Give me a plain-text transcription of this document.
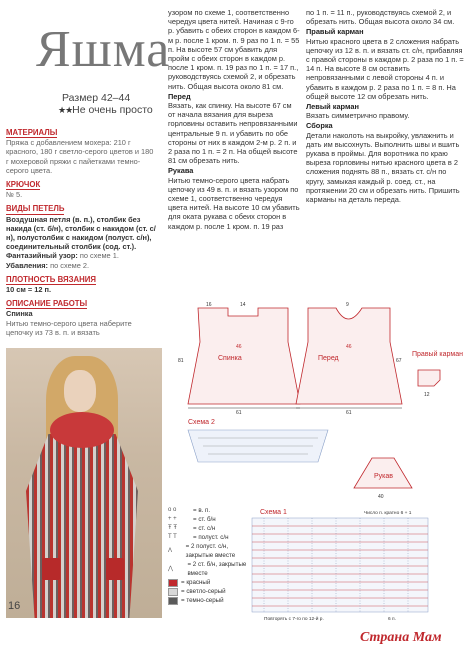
Яшма
Размер 42–44
★★Не очень просто
МАТЕРИАЛЫ
Пряжа с добавлением мохера: 210 г красного, 180 г светло-серого цветов и 180 г мохеровой пряжи с пайетками темно-серого цвета.
КРЮЧОК
№ 5.
ВИДЫ ПЕТЕЛЬ
Воздушная петля (в. п.), столбик без накида (ст. б/н), столбик с накидом (ст. с/н), полустолбик с накидом (полуст. с/н), соединительный столбик (сод. ст.).
Фантазийный узор: по схеме 1.
Убавления: по схеме 2.
ПЛОТНОСТЬ ВЯЗАНИЯ
10 см = 12 п.
ОПИСАНИЕ РАБОТЫ
Спинка
Нитью темно-серого цвета наберите цепочку из 73 в. п. и вязать
16
узором по схеме 1, соответственно чередуя цвета нитей. Начиная с 9-го р. убавить с обеих сторон в каждом 6-м р. после 1 кром. п. 9 раз по 1 п. = 55 п. На высоте 57 см убавить для пройм с обеих сторон в каждом р. после 1 кром. п. 19 раз по 1 п. = 17 п., руководствуясь схемой 2, и обрезать нить. Общая высота около 81 см.
Перед
Вязать, как спинку. На высоте 67 см от начала вязания для выреза горловины оставить непровязанными центральные 9 п. и убавить по обе стороны от них в каждом 2-м р. 2 п. и 2 раза по 1 п. = 2 п. На общей высоте 81 см обрезать нить.
Рукава
Нитью темно-серого цвета набрать цепочку из 49 в. п. и вязать узором по схеме 1, соответственно чередуя цвета нитей. На высоте 10 см убавить для оката рукава с обеих сторон в каждом р. после 1 кром. п. 19 раз
по 1 п. = 11 п., руководствуясь схемой 2, и обрезать нить. Общая высота около 34 см.
Правый карман
Нитью красного цвета в 2 сложения набрать цепочку из 12 в. п. и вязать ст. с/н, прибавляя с правой стороны в каждом р. 2 раза по 1 п. = 14 п. На высоте 8 см оставить непровязанными с левой стороны 4 п. и убавить в каждом р. 2 раза по 1 п. = 8 п. На общей высоте 12 см обрезать нить.
Левый карман
Вязать симметрично правому.
Сборка
Детали наколоть на выкройку, увлажнить и дать им высохнуть. Выполнить швы и вшить рукава в проймы. Для воротника по краю выреза горловины нитью красного цвета в 2 сложения поднять 88 п., вязать ст. с/н по кругу, замыкая каждый р. соед. ст., на протяжении 20 см и обрезать нить. Пришить карманы на деталь переда.
Спинка
16	14
46
61
81	Перед
46
61
67
9
Правый карман
12
Схема 2
Рукав
40
Схема 1	Число п. кратно 6 + 1
Повторять с 7-го по 12-й р.	6 п.
o o	= в. п.
+ +	= ст. б/н
Ŧ Ŧ	= ст. с/н
T T	= полуст. с/н
Λ
= 2 полуст. с/н, закрытые вместе
⋀
= 2 ст. б/н, закрытые вместе
= красный
= светло-серый
= темно-серый
Страна Мам
